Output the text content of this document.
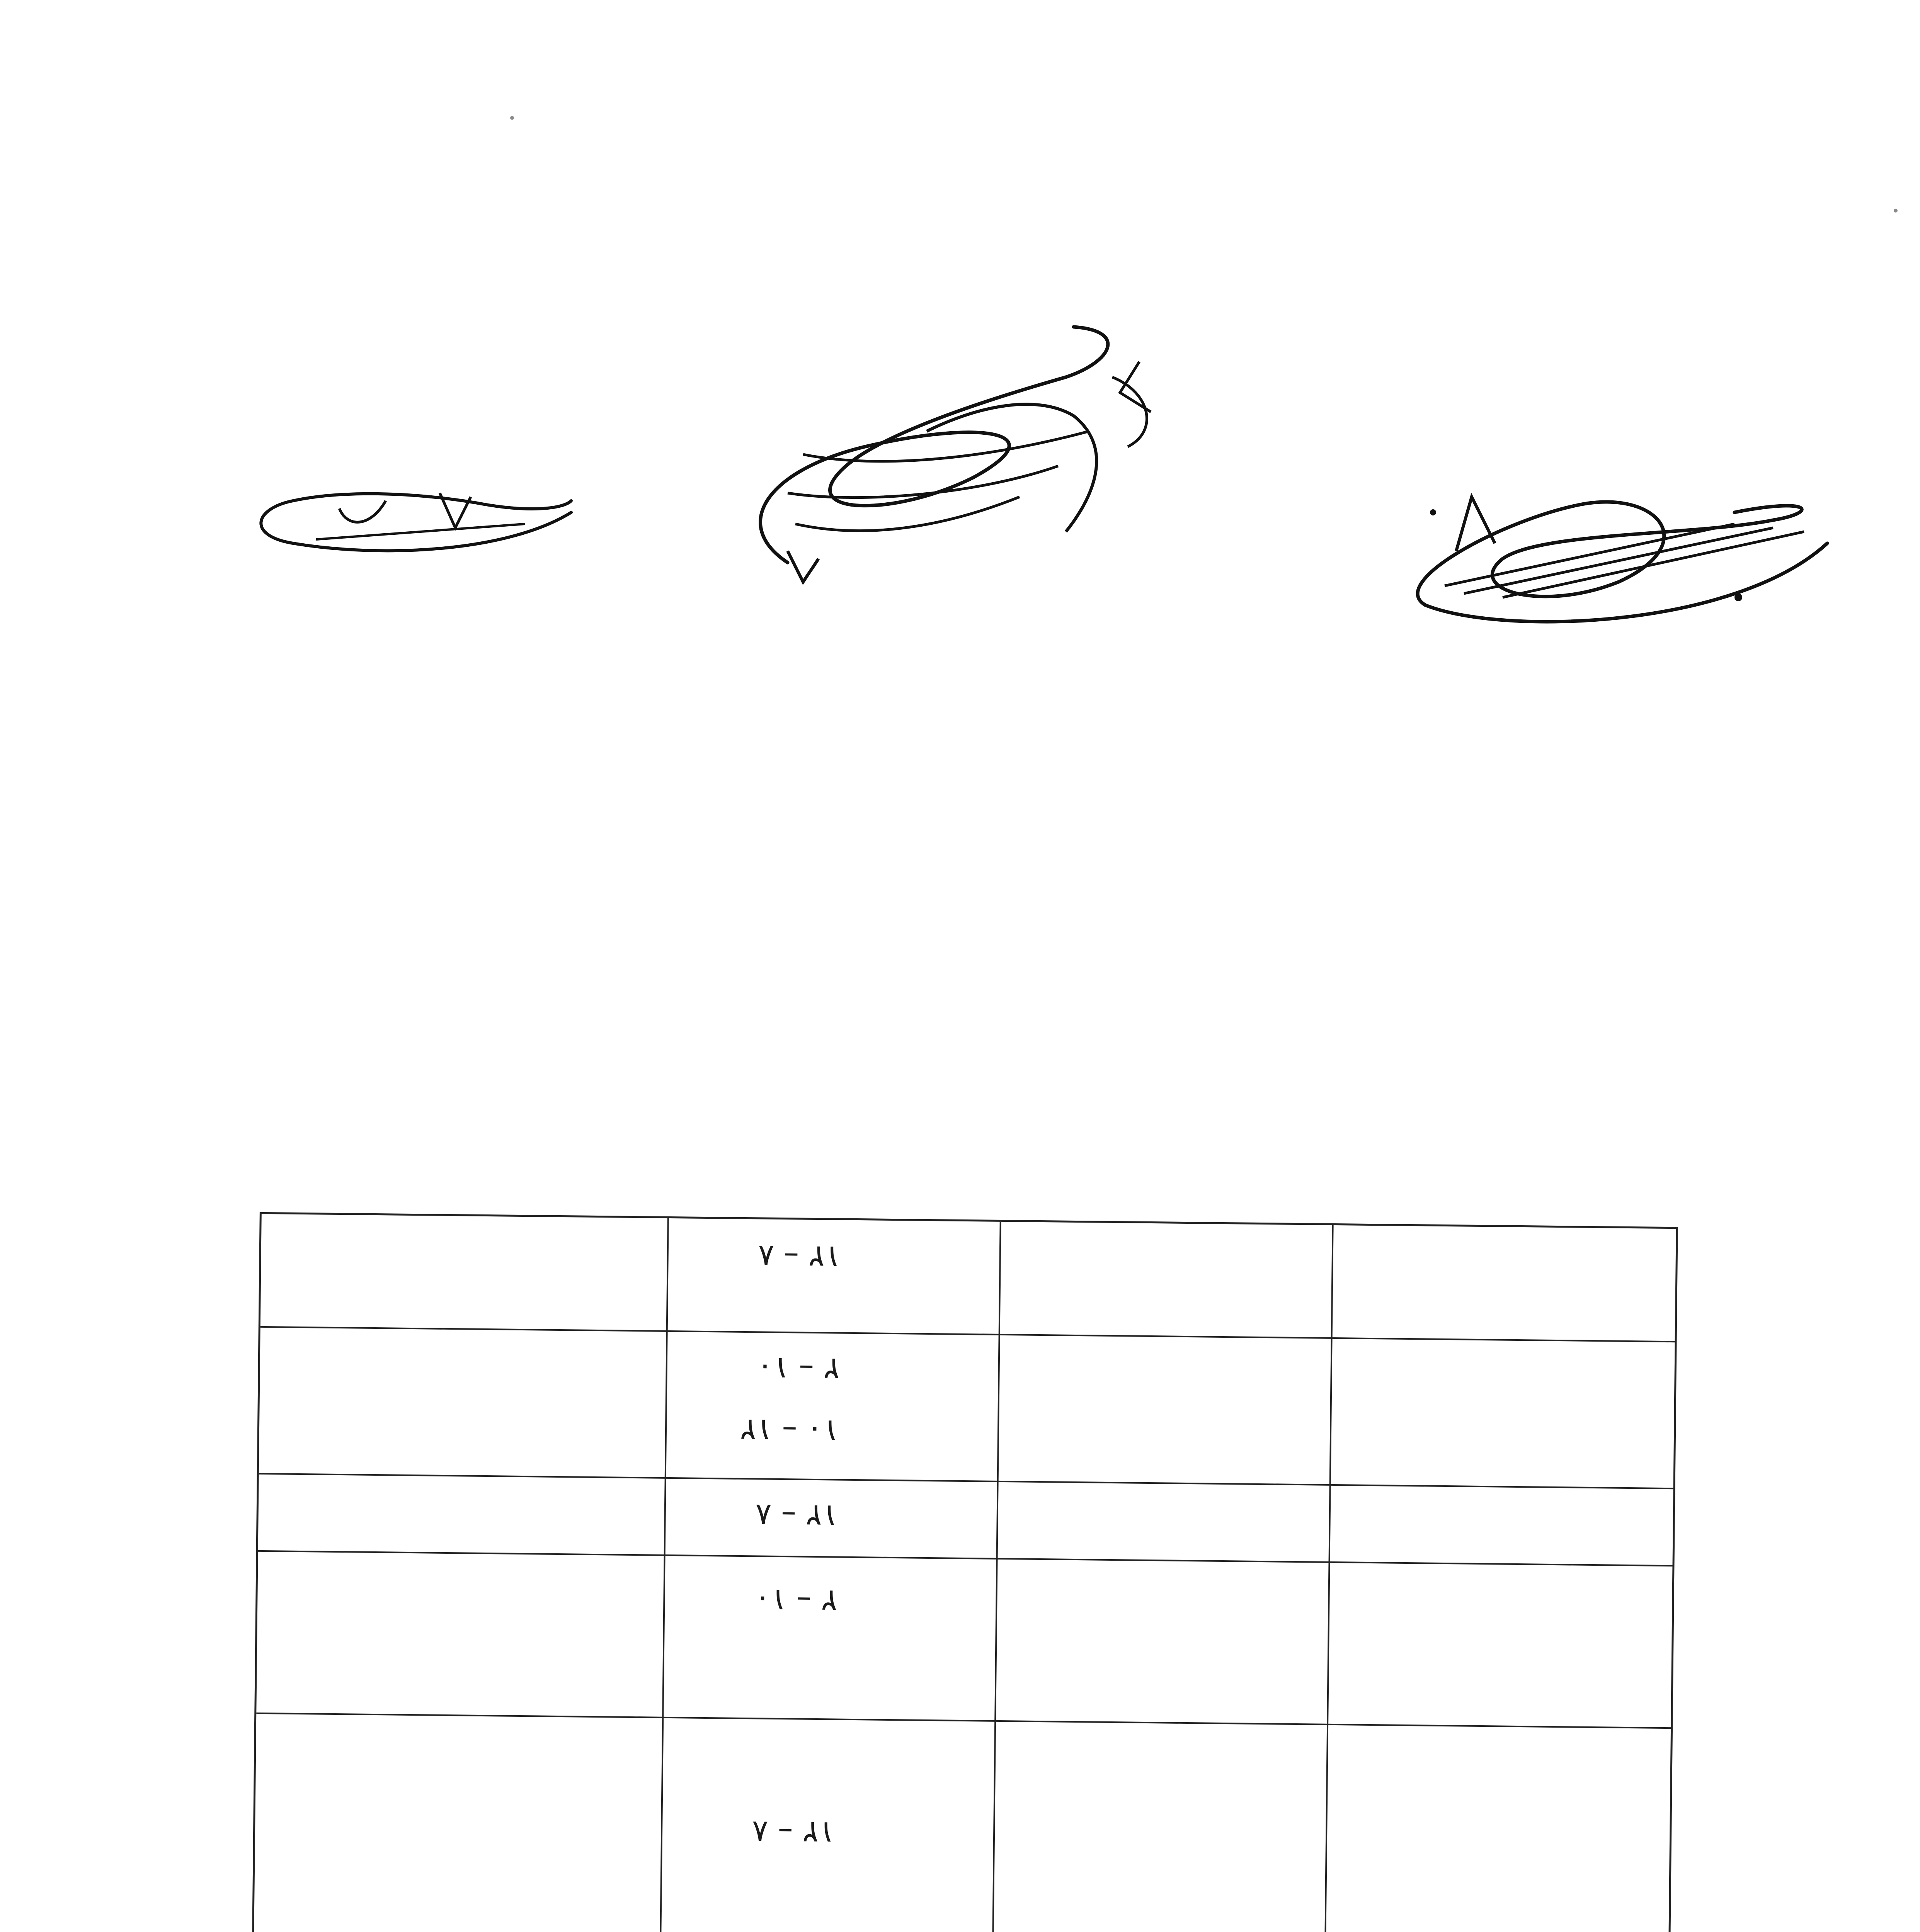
٨ – ١٢
١٠ – ٢
٨ – ١٢
١٢ – ١٠
١٠ – ٢
٨ – ١٢
